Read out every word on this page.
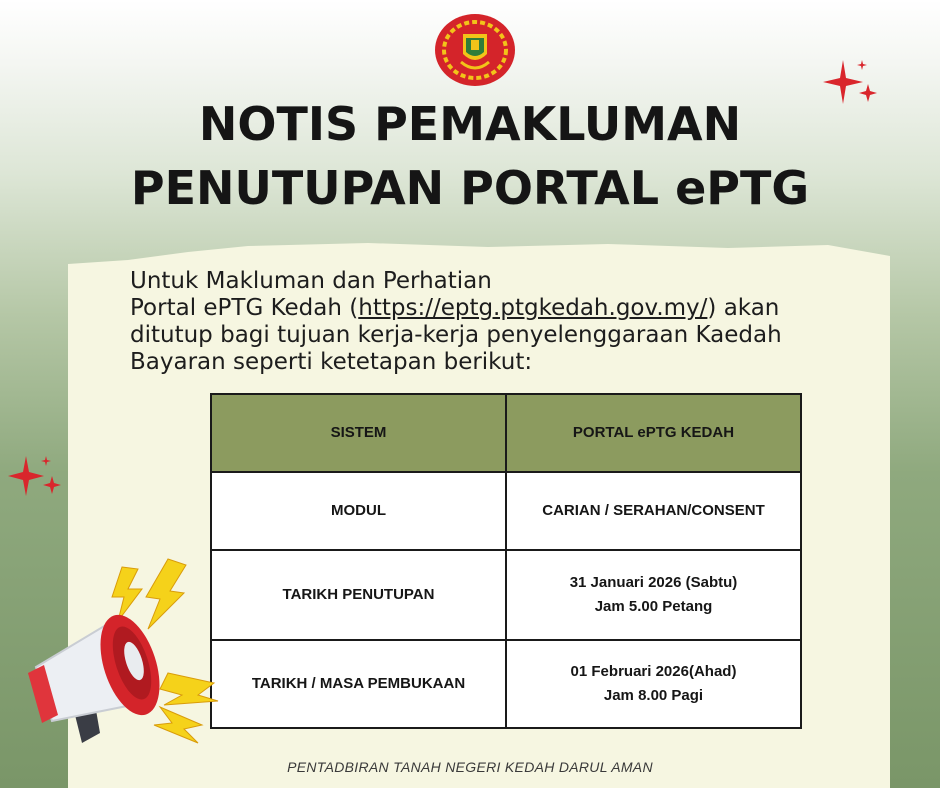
NOTIS PEMAKLUMAN
PENUTUPAN PORTAL ePTG
Untuk Makluman dan Perhatian
Portal ePTG Kedah (https://eptg.ptgkedah.gov.my/) akan
ditutup bagi tujuan kerja-kerja penyelenggaraan Kaedah
Bayaran seperti ketetapan berikut:
SISTEM	PORTAL ePTG KEDAH
MODUL	CARIAN / SERAHAN/CONSENT

TARIKH PENUTUPAN	31 Januari 2026 (Sabtu)
Jam 5.00 Petang

TARIKH / MASA PEMBUKAAN	01 Februari 2026(Ahad)
Jam 8.00 Pagi
PENTADBIRAN TANAH NEGERI KEDAH DARUL AMAN
